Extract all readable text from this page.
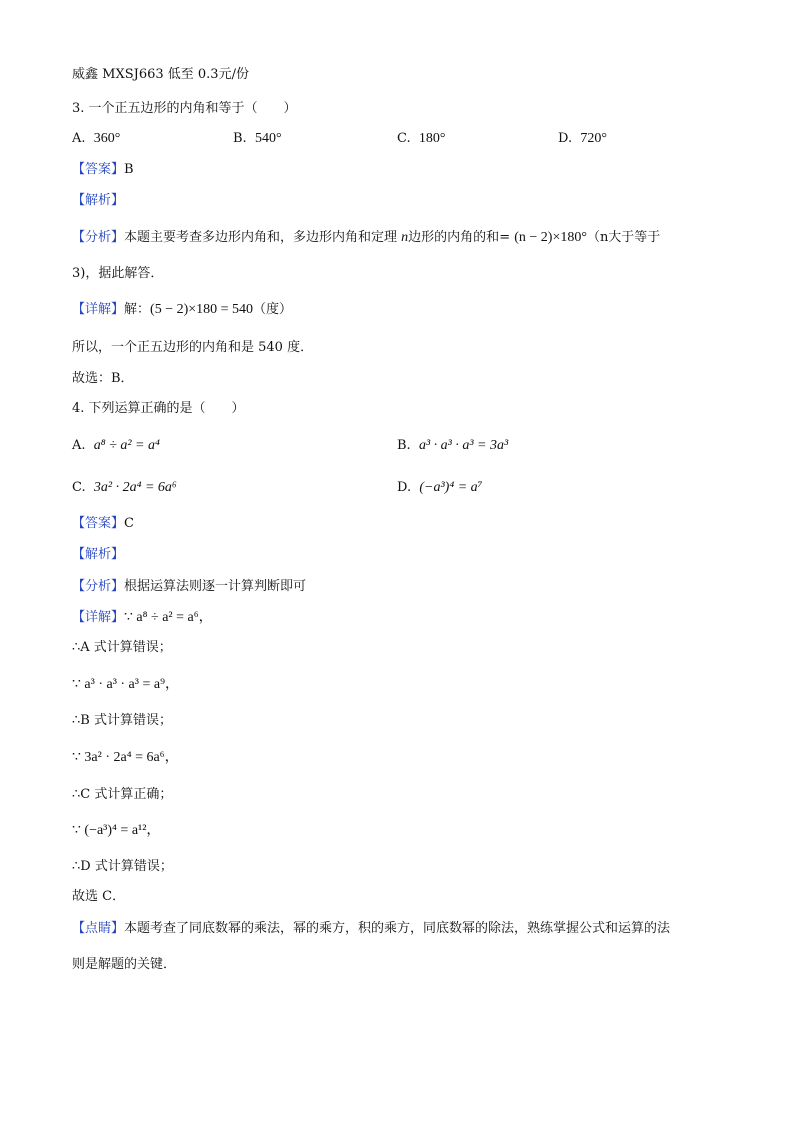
威鑫 MXSJ663 低至 0.3元/份
3. 一个正五边形的内角和等于（　　）
A. 360°	B. 540°	C. 180°	D. 720°
【答案】B
【解析】
【分析】本题主要考查多边形内角和，多边形内角和定理 n边形的内角的和= (n − 2)×180°（n大于等于
3)，据此解答．
【详解】解：(5 − 2)×180 = 540（度）
所以，一个正五边形的内角和是 540 度．
故选：B．
4. 下列运算正确的是（　　）
A. a⁸ ÷ a² = a⁴	B. a³ · a³ · a³ = 3a³
C. 3a² · 2a⁴ = 6a⁶	D. (−a³)⁴ = a⁷
【答案】C
【解析】
【分析】根据运算法则逐一计算判断即可
【详解】∵ a⁸ ÷ a² = a⁶，
∴A 式计算错误；
∵ a³ · a³ · a³ = a⁹，
∴B 式计算错误；
∵ 3a² · 2a⁴ = 6a⁶，
∴C 式计算正确；
∵ (−a³)⁴ = a¹²，
∴D 式计算错误；
故选 C．
【点睛】本题考查了同底数幂的乘法，幂的乘方，积的乘方，同底数幂的除法，熟练掌握公式和运算的法
则是解题的关键．
